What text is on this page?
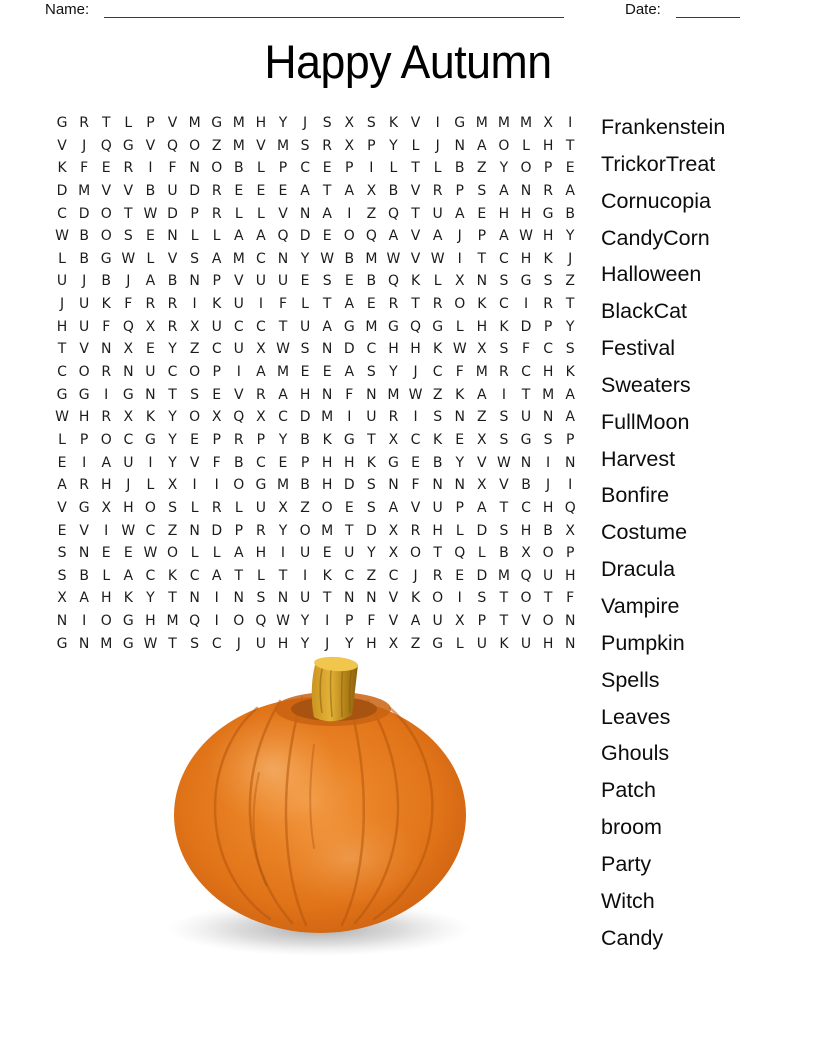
Name:	Date:
Happy Autumn
G R T L P V M G M H Y	J	S X S K V	I	G M M M X	I
V	J	Q G V Q O Z M V M S R X P Y L	J	N A O L H T
K F E R	I	F N O B L P C E P	I	L T L B Z Y O P E
D M V V B U D R E E E A T A X B V R P S A N R A
C D O T W D P R L	L V N A	I	Z Q T U A E H H G B
W B O S E N L	L A A Q D E O Q A V A	J	P A W H Y
L B G W L V S A M C N Y W B M W V W I	T C H K	J
U	J	B	J	A B N P V U U E S E B Q K L X N S G S Z
J	U K F R R	I	K U	I	F	L T A E R T R O K C	I	R T
H U F Q X R X U C C T U A G M G Q G L H K D P Y
T V N X E Y Z C U X W S N D C H H K W X S F C S
C O R N U C O P	I	A M E E A S Y	J	C F M R C H K
G G	I	G N T S E V R A H N F N M W Z K A	I	T M A
W H R X K Y O X Q X C D M I	U R	I	S N Z S U N A
L P O C G Y E P R P Y B K G T X C K E X S G S P
E	I	A U	I	Y V F B C E P H H K G E B Y V W N	I	N
A R H	J	L X	I	I	O G M B H D S N F N N X V B	J	I
V G X H O S L R L U X Z O E S A V U P A T C H Q
E V	I W C Z N D P R Y O M T D X R H L D S H B X
S N E E W O L	L A H	I	U E U Y X O T Q L B X O P
S B L A C K C A T L T	I	K C Z C	J	R E D M Q U H
X A H K Y T N	I	N S N U T N N V K O	I	S T O T F
N	I	O G H M Q	I	O Q W Y	I	P F V A U X P T V O N
G N M G W T S C	J	U H Y	J	Y H X Z G L U K U H N
Frankenstein
TrickorTreat
Cornucopia
CandyCorn
Halloween
BlackCat
Festival
Sweaters
FullMoon
Harvest
Bonfire
Costume
Dracula
Vampire
Pumpkin
Spells
Leaves
Ghouls
Patch
broom
Party
Witch
Candy
